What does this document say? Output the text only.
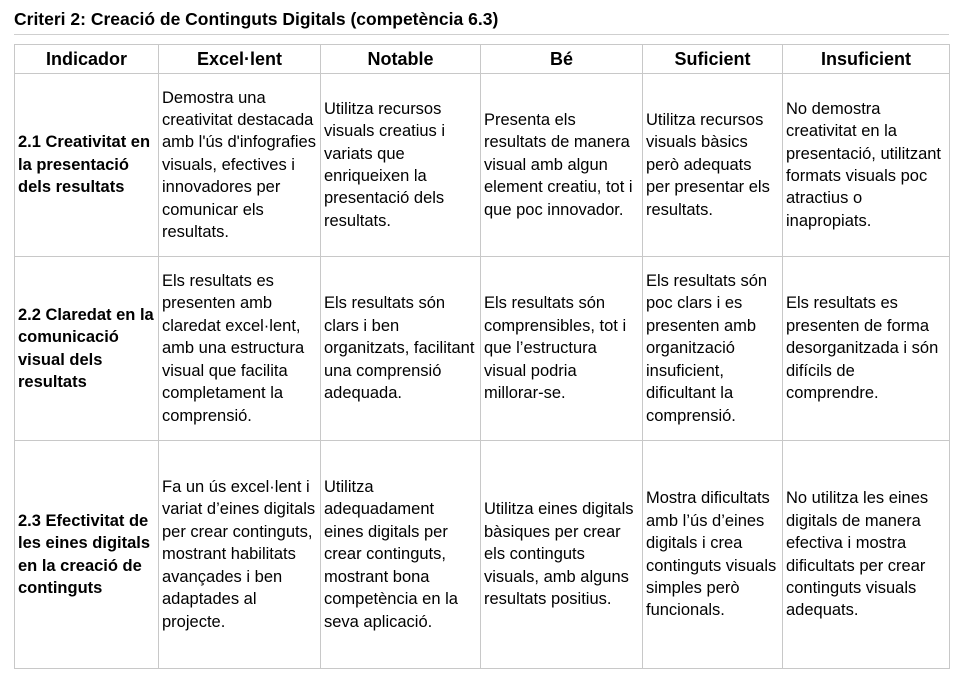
Criteri 2: Creació de Continguts Digitals (competència 6.3)
Indicador	Excel·lent	Notable	Bé	Suficient	Insuficient
2.1 Creativitat en la presentació dels resultats	Demostra una creativitat destacada amb l'ús d'infografies visuals, efectives i innovadores per comunicar els resultats.	Utilitza recursos visuals creatius i variats que enriqueixen la presentació dels resultats.	Presenta els resultats de manera visual amb algun element creatiu, tot i que poc innovador.	Utilitza recursos visuals bàsics però adequats per presentar els resultats.	No demostra creativitat en la presentació, utilitzant formats visuals poc atractius o inapropiats.
2.2 Claredat en la comunicació visual dels resultats	Els resultats es presenten amb claredat excel·lent, amb una estructura visual que facilita completament la comprensió.	Els resultats són clars i ben organitzats, facilitant una comprensió adequada.	Els resultats són comprensibles, tot i que l’estructura visual podria millorar-se.	Els resultats són poc clars i es presenten amb organització insuficient, dificultant la comprensió.	Els resultats es presenten de forma desorganitzada i són difícils de comprendre.
2.3 Efectivitat de les eines digitals en la creació de continguts	Fa un ús excel·lent i variat d’eines digitals per crear continguts, mostrant habilitats avançades i ben adaptades al projecte.	Utilitza adequadament eines digitals per crear continguts, mostrant bona competència en la seva aplicació.	Utilitza eines digitals bàsiques per crear els continguts visuals, amb alguns resultats positius.	Mostra dificultats amb l’ús d’eines digitals i crea continguts visuals simples però funcionals.	No utilitza les eines digitals de manera efectiva i mostra dificultats per crear continguts visuals adequats.
